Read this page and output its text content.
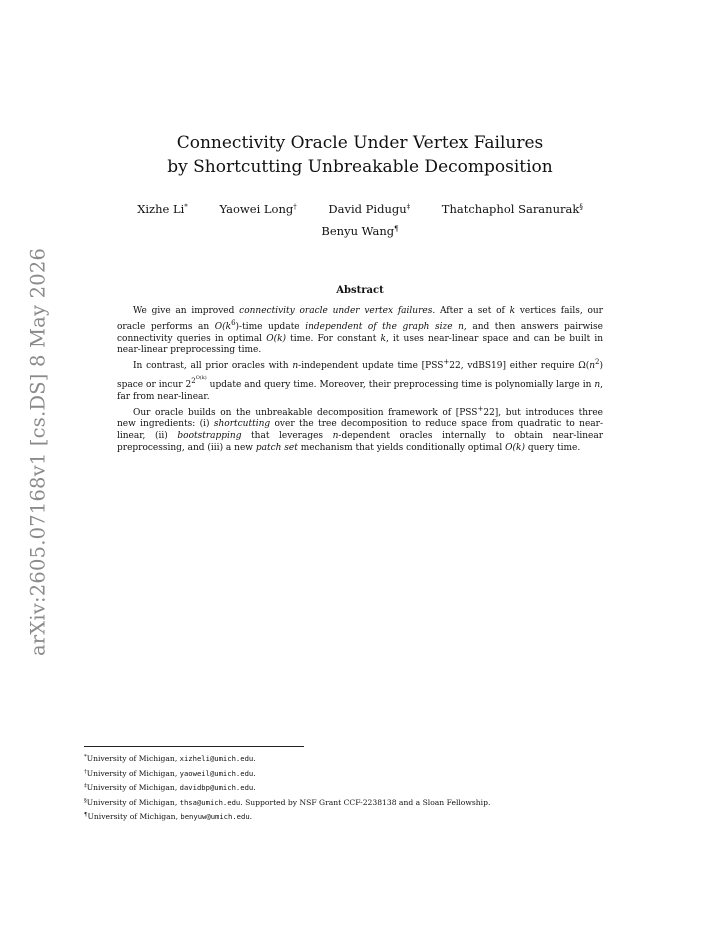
arXiv:2605.07168v1 [cs.DS] 8 May 2026
Connectivity Oracle Under Vertex Failures
by Shortcutting Unbreakable Decomposition
Xizhe Li*	Yaowei Long†	David Pidugu‡	Thatchaphol Saranurak§
Benyu Wang¶
Abstract

We give an improved connectivity oracle under vertex failures. After a set of k vertices fails, our oracle performs an $O(k^6)$-time update independent of the graph size n, and then answers pairwise connectivity queries in optimal O(k) time. For constant k, it uses near-linear space and can be built in near-linear preprocessing time.

In contrast, all prior oracles with n-independent update time [PSS+22, vdBS19] either require $\Omega(n^2)$ space or incur $2^{2^{O(k)}}$ update and query time. Moreover, their preprocessing time is polynomially large in n, far from near-linear.

Our oracle builds on the unbreakable decomposition framework of [PSS+22], but introduces three new ingredients: (i) shortcutting over the tree decomposition to reduce space from quadratic to near-linear, (ii) bootstrapping that leverages n-dependent oracles internally to obtain near-linear preprocessing, and (iii) a new patch set mechanism that yields conditionally optimal O(k) query time.

*University of Michigan, xizheli@umich.edu.
†University of Michigan, yaoweil@umich.edu.
‡University of Michigan, davidbp@umich.edu.
§University of Michigan, thsa@umich.edu. Supported by NSF Grant CCF-2238138 and a Sloan Fellowship.
¶University of Michigan, benyuw@umich.edu.
